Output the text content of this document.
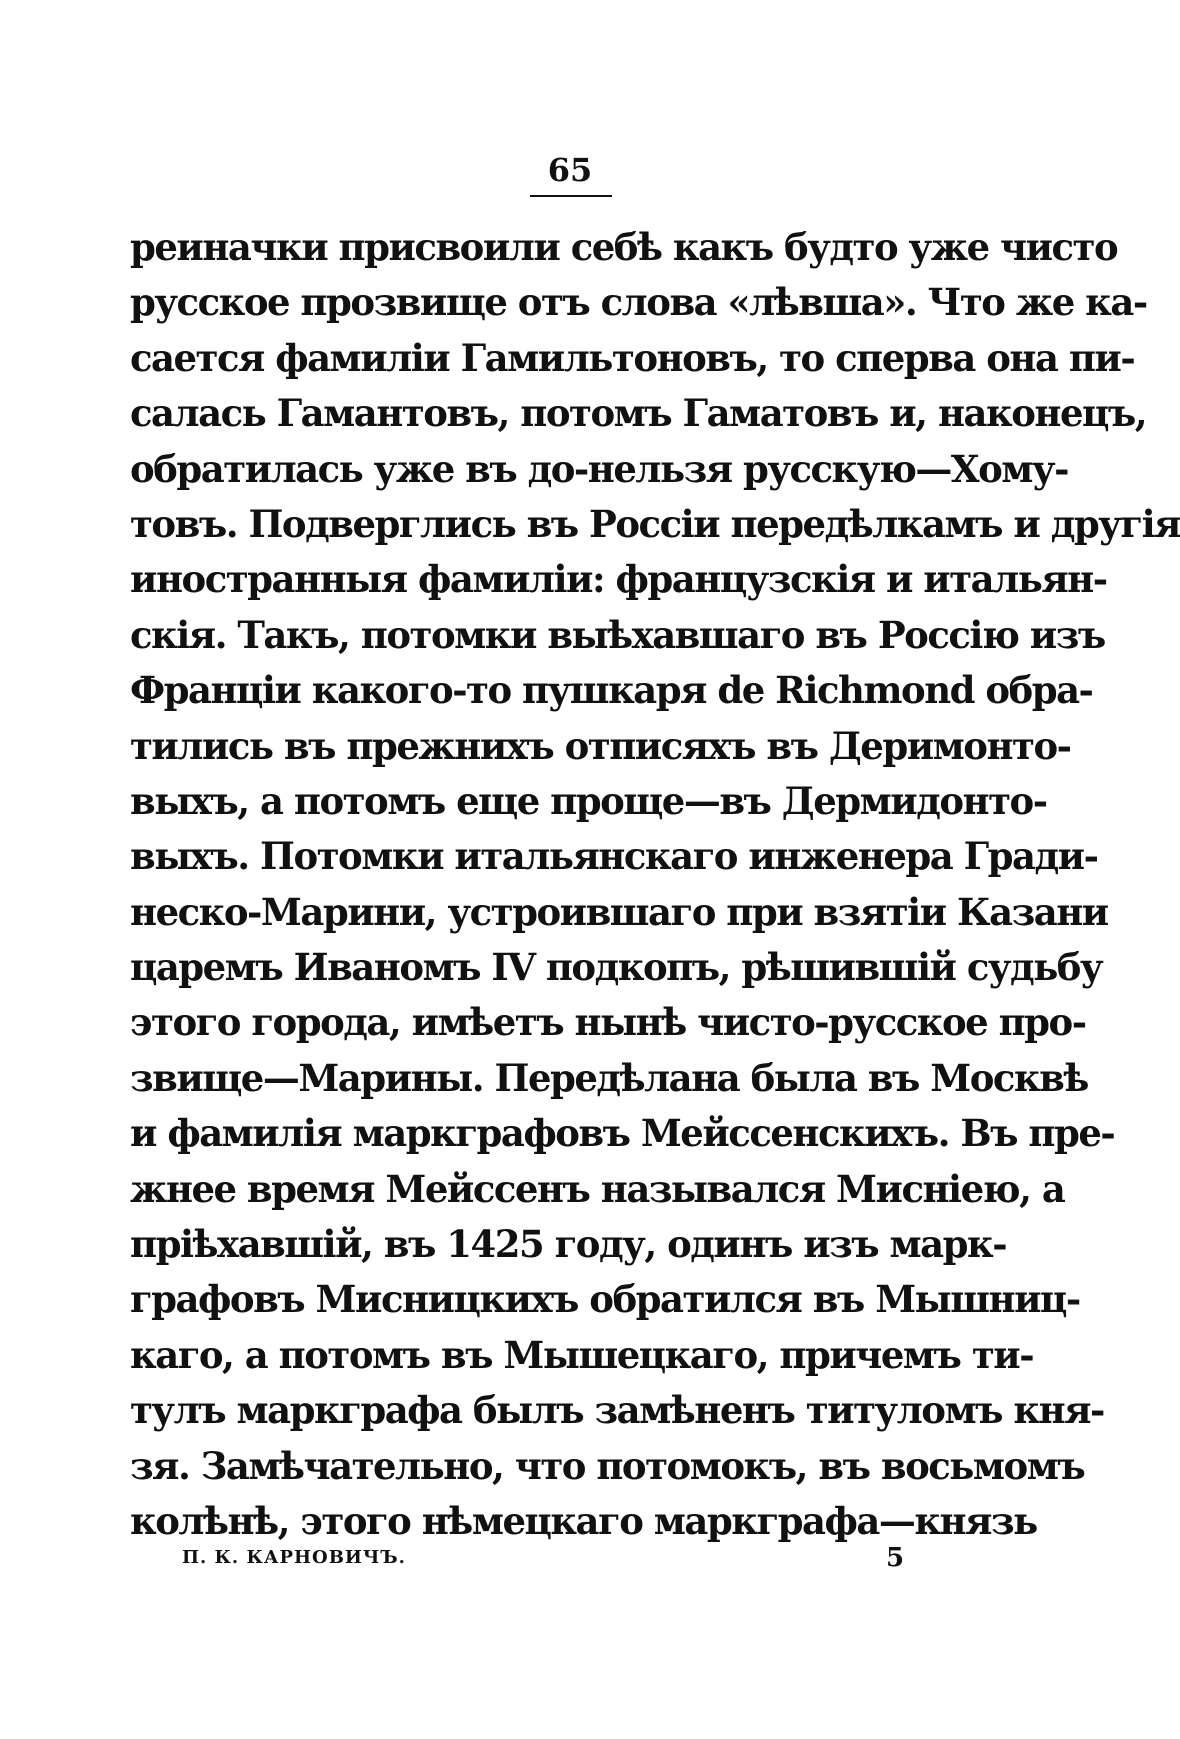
65
реинaчки присвоили себѣ какъ будто уже чисто
русское прозвище отъ слова «лѣвша». Что же ка-
сается фамиліи Гамильтоновъ, то сперва она пи-
салась Гамантовъ, потомъ Гаматовъ и, наконецъ,
обратилась уже въ до-нельзя русскую—Хому-
товъ. Подверглись въ Россіи передѣлкамъ и другія
иностранныя фамиліи: французскія и итальян-
скія. Такъ, потомки выѣхавшаго въ Россію изъ
Франціи какого-то пушкаря de Richmond обра-
тились въ прежнихъ отписяхъ въ Деримонто-
выхъ, а потомъ еще проще—въ Дермидонто-
выхъ. Потомки итальянскаго инженера Гради-
неско-Марини, устроившаго при взятіи Казани
царемъ Иваномъ IV подкопъ, рѣшившій судьбу
этого города, имѣетъ нынѣ чисто-русское про-
звище—Марины. Передѣлана была въ Москвѣ
и фамилія маркграфовъ Мейссенскихъ. Въ пре-
жнее время Мейссенъ назывался Мисніею, а
пріѣхавшій, въ 1425 году, одинъ изъ марк-
графовъ Мисницкихъ обратился въ Мышниц-
каго, а потомъ въ Мышецкаго, причемъ ти-
тулъ маркграфа былъ замѣненъ титуломъ кня-
зя. Замѣчательно, что потомокъ, въ восьмомъ
колѣнѣ, этого нѣмецкаго маркграфа—князь
П. К. КАРНОВИЧЪ.	5
